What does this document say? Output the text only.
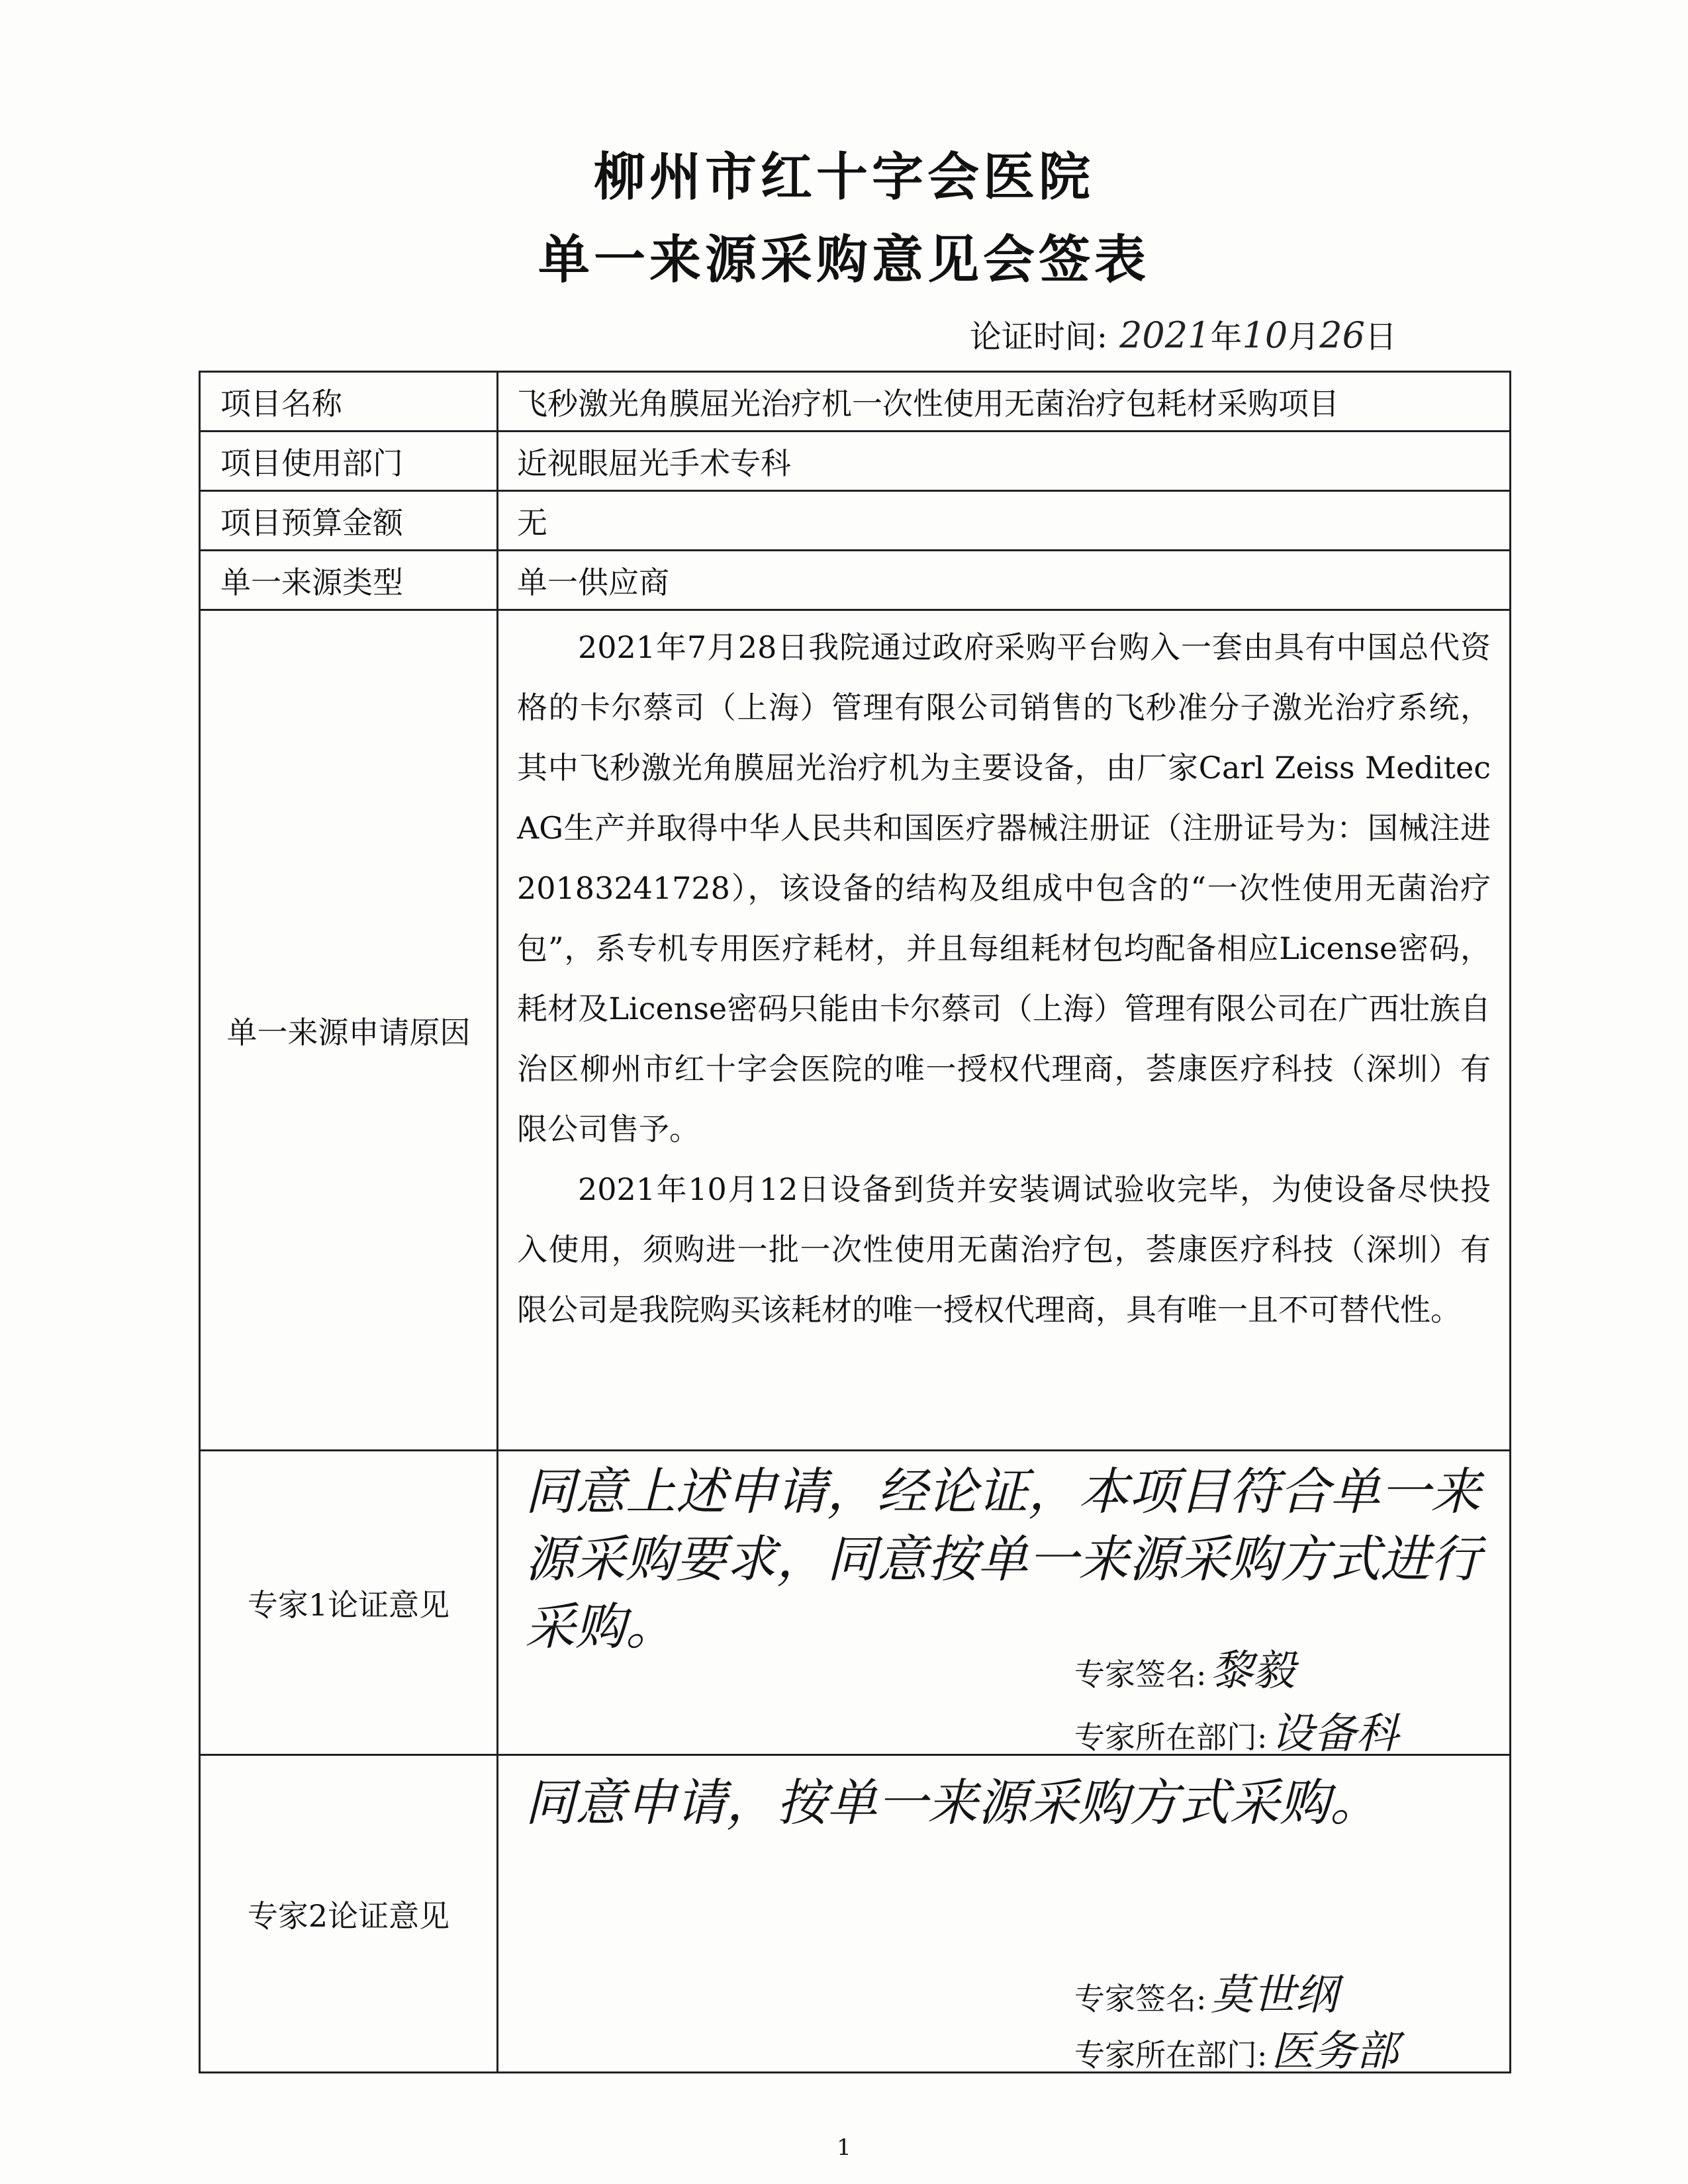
柳州市红十字会医院
单一来源采购意见会签表
论证时间: 2021 年 10 月 26 日
项目名称	飞秒激光角膜屈光治疗机一次性使用无菌治疗包耗材采购项目
项目使用部门	近视眼屈光手术专科
项目预算金额	无
单一来源类型	单一供应商
单一来源申请原因	2021年7月28日我院通过政府采购平台购入一套由具有中国总代资格的卡尔蔡司（上海）管理有限公司销售的飞秒准分子激光治疗系统，其中飞秒激光角膜屈光治疗机为主要设备，由厂家Carl Zeiss Meditec AG生产并取得中华人民共和国医疗器械注册证（注册证号为：国械注进20183241728），该设备的结构及组成中包含的“一次性使用无菌治疗包”，系专机专用医疗耗材，并且每组耗材包均配备相应License密码，耗材及License密码只能由卡尔蔡司（上海）管理有限公司在广西壮族自治区柳州市红十字会医院的唯一授权代理商，荟康医疗科技（深圳）有限公司售予。

2021年10月12日设备到货并安装调试验收完毕，为使设备尽快投入使用，须购进一批一次性使用无菌治疗包，荟康医疗科技（深圳）有限公司是我院购买该耗材的唯一授权代理商，具有唯一且不可替代性。

专家1论证意见	同意上述申请，经论证，本项目符合单一来源采购要求，同意按单一来源采购方式进行采购。
专家签名: 黎毅
专家所在部门: 设备科

专家2论证意见	同意申请，按单一来源采购方式采购。
专家签名: 莫世纲
专家所在部门: 医务部
1
